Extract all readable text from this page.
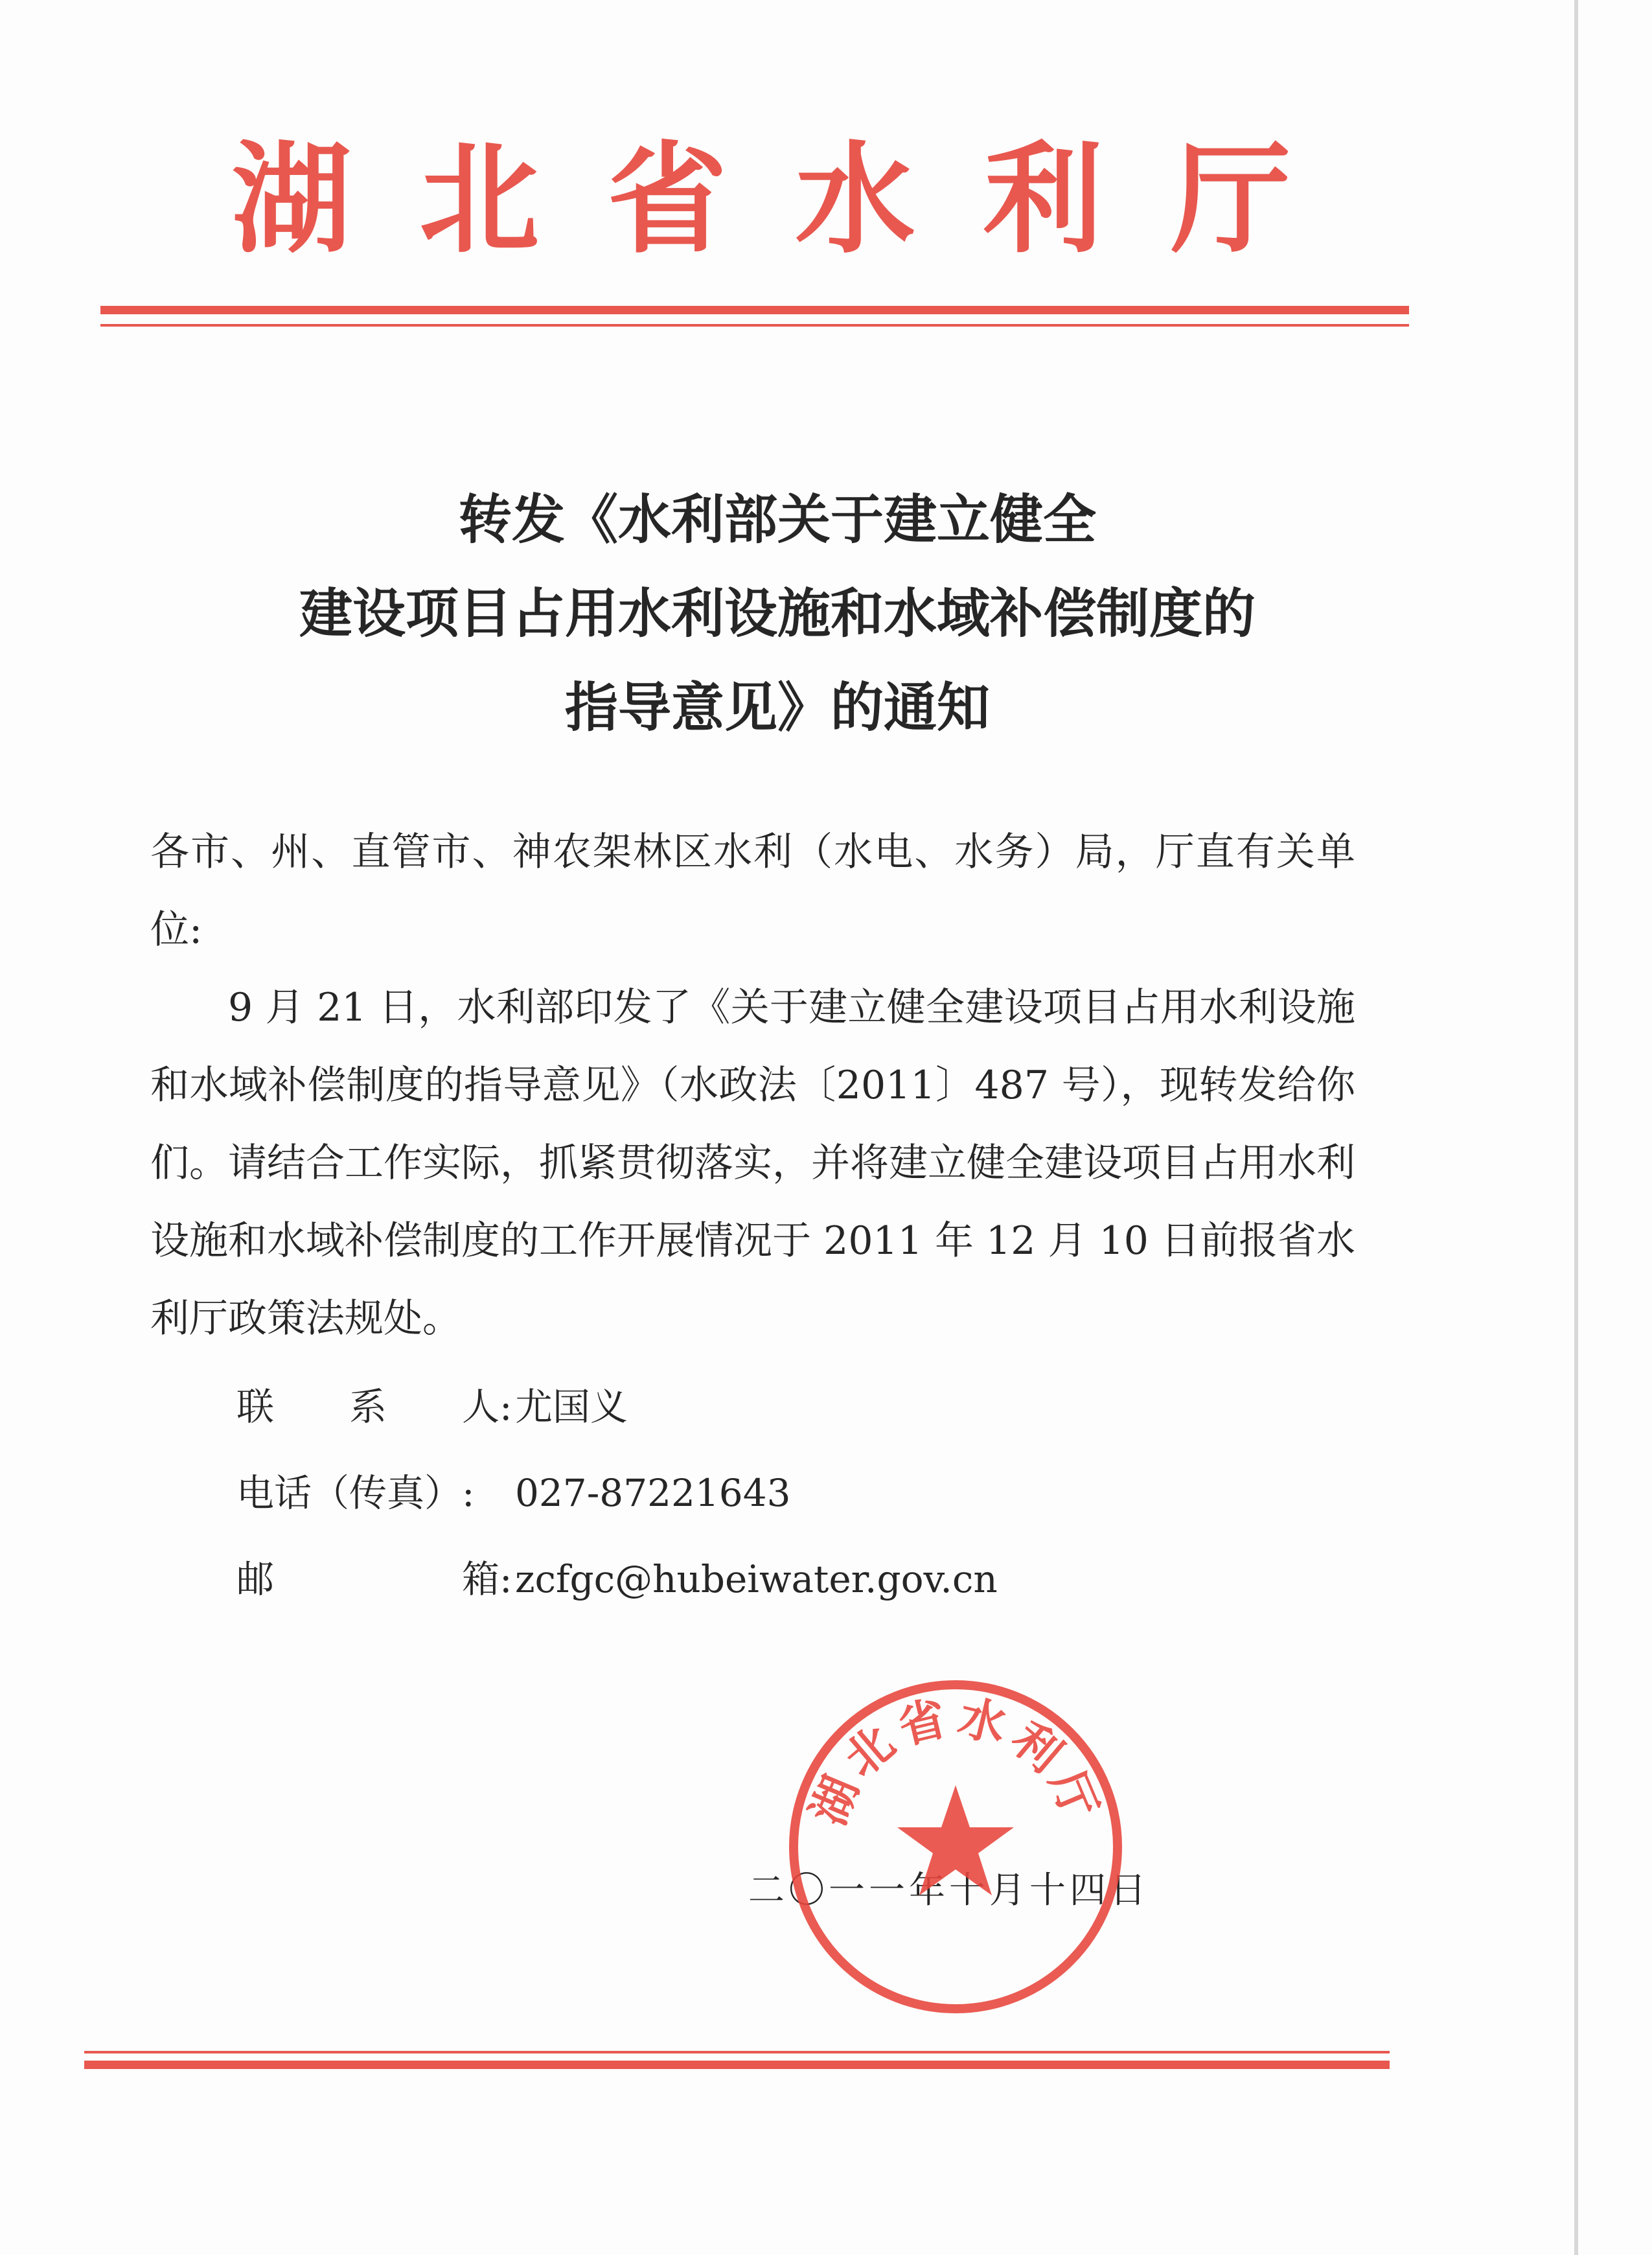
湖北省水利厅
转发《水利部关于建立健全
建设项目占用水利设施和水域补偿制度的
指导意见》的通知

各市、州、直管市、神农架林区水利（水电、水务）局，厅直有关单位:

9 月 21 日，水利部印发了《关于建立健全建设项目占用水利设施和水域补偿制度的指导意见》（水政法〔2011〕487 号），现转发给你们。请结合工作实际，抓紧贯彻落实，并将建立健全建设项目占用水利设施和水域补偿制度的工作开展情况于 2011 年 12 月 10 日前报省水利厅政策法规处。

联　　系　　人: 尤国义
电话（传真）:	027-87221643
邮　　　　　箱: zcfgc@hubeiwater.gov.cn
二〇一一年十月十四日
湖北省水利厅
